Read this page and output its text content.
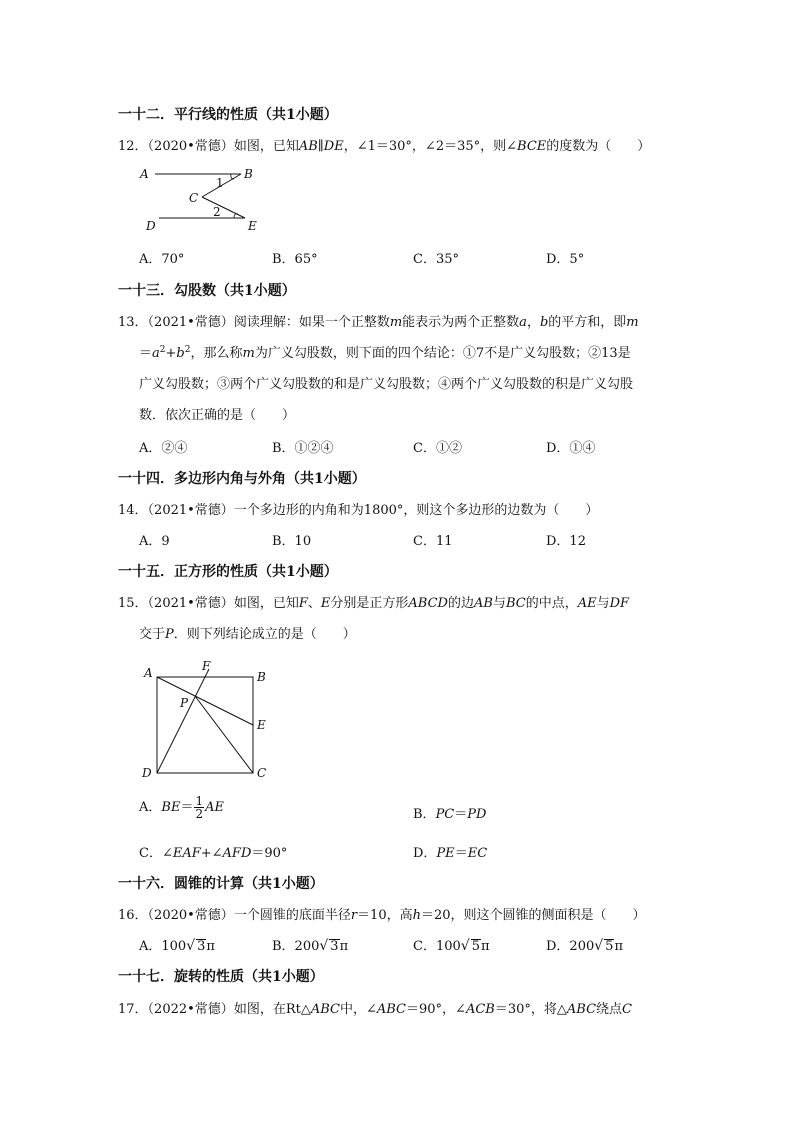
一十二．平行线的性质（共1小题）
12．（2020•常德）如图，已知AB∥DE，∠1＝30°，∠2＝35°，则∠BCE的度数为（　　）
A	B
C
D	E
1
2
A．70°	B．65°	C．35°	D．5°
一十三．勾股数（共1小题）
13．（2021•常德）阅读理解：如果一个正整数m能表示为两个正整数a，b的平方和，即m
$=a^2+b^2$，那么称m为广义勾股数，则下面的四个结论：①7不是广义勾股数；②13是
广义勾股数；③两个广义勾股数的和是广义勾股数；④两个广义勾股数的积是广义勾股
数．依次正确的是（　　）
A．②④	B．①②④	C．①②	D．①④
一十四．多边形内角与外角（共1小题）
14．（2021•常德）一个多边形的内角和为1800°，则这个多边形的边数为（　　）
A．9	B．10	C．11	D．12
一十五．正方形的性质（共1小题）
15．（2021•常德）如图，已知F、E分别是正方形ABCD的边AB与BC的中点，AE与DF
交于P．则下列结论成立的是（　　）
A	B
C
D
E
F
P
A．$BE= \frac{1}{2}$ AE	B．PC＝PD
C．∠EAF+∠AFD＝90°	D．PE＝EC
一十六．圆锥的计算（共1小题）
16．（2020•常德）一个圆锥的底面半径r＝10，高h＝20，则这个圆锥的侧面积是（　　）
A．100√ 3π	B．200√ 3π	C．100√ 5π	D．200√ 5π
一十七．旋转的性质（共1小题）
17．（2022•常德）如图，在Rt△ABC中，∠ABC＝90°，∠ACB＝30°，将△ABC绕点C
